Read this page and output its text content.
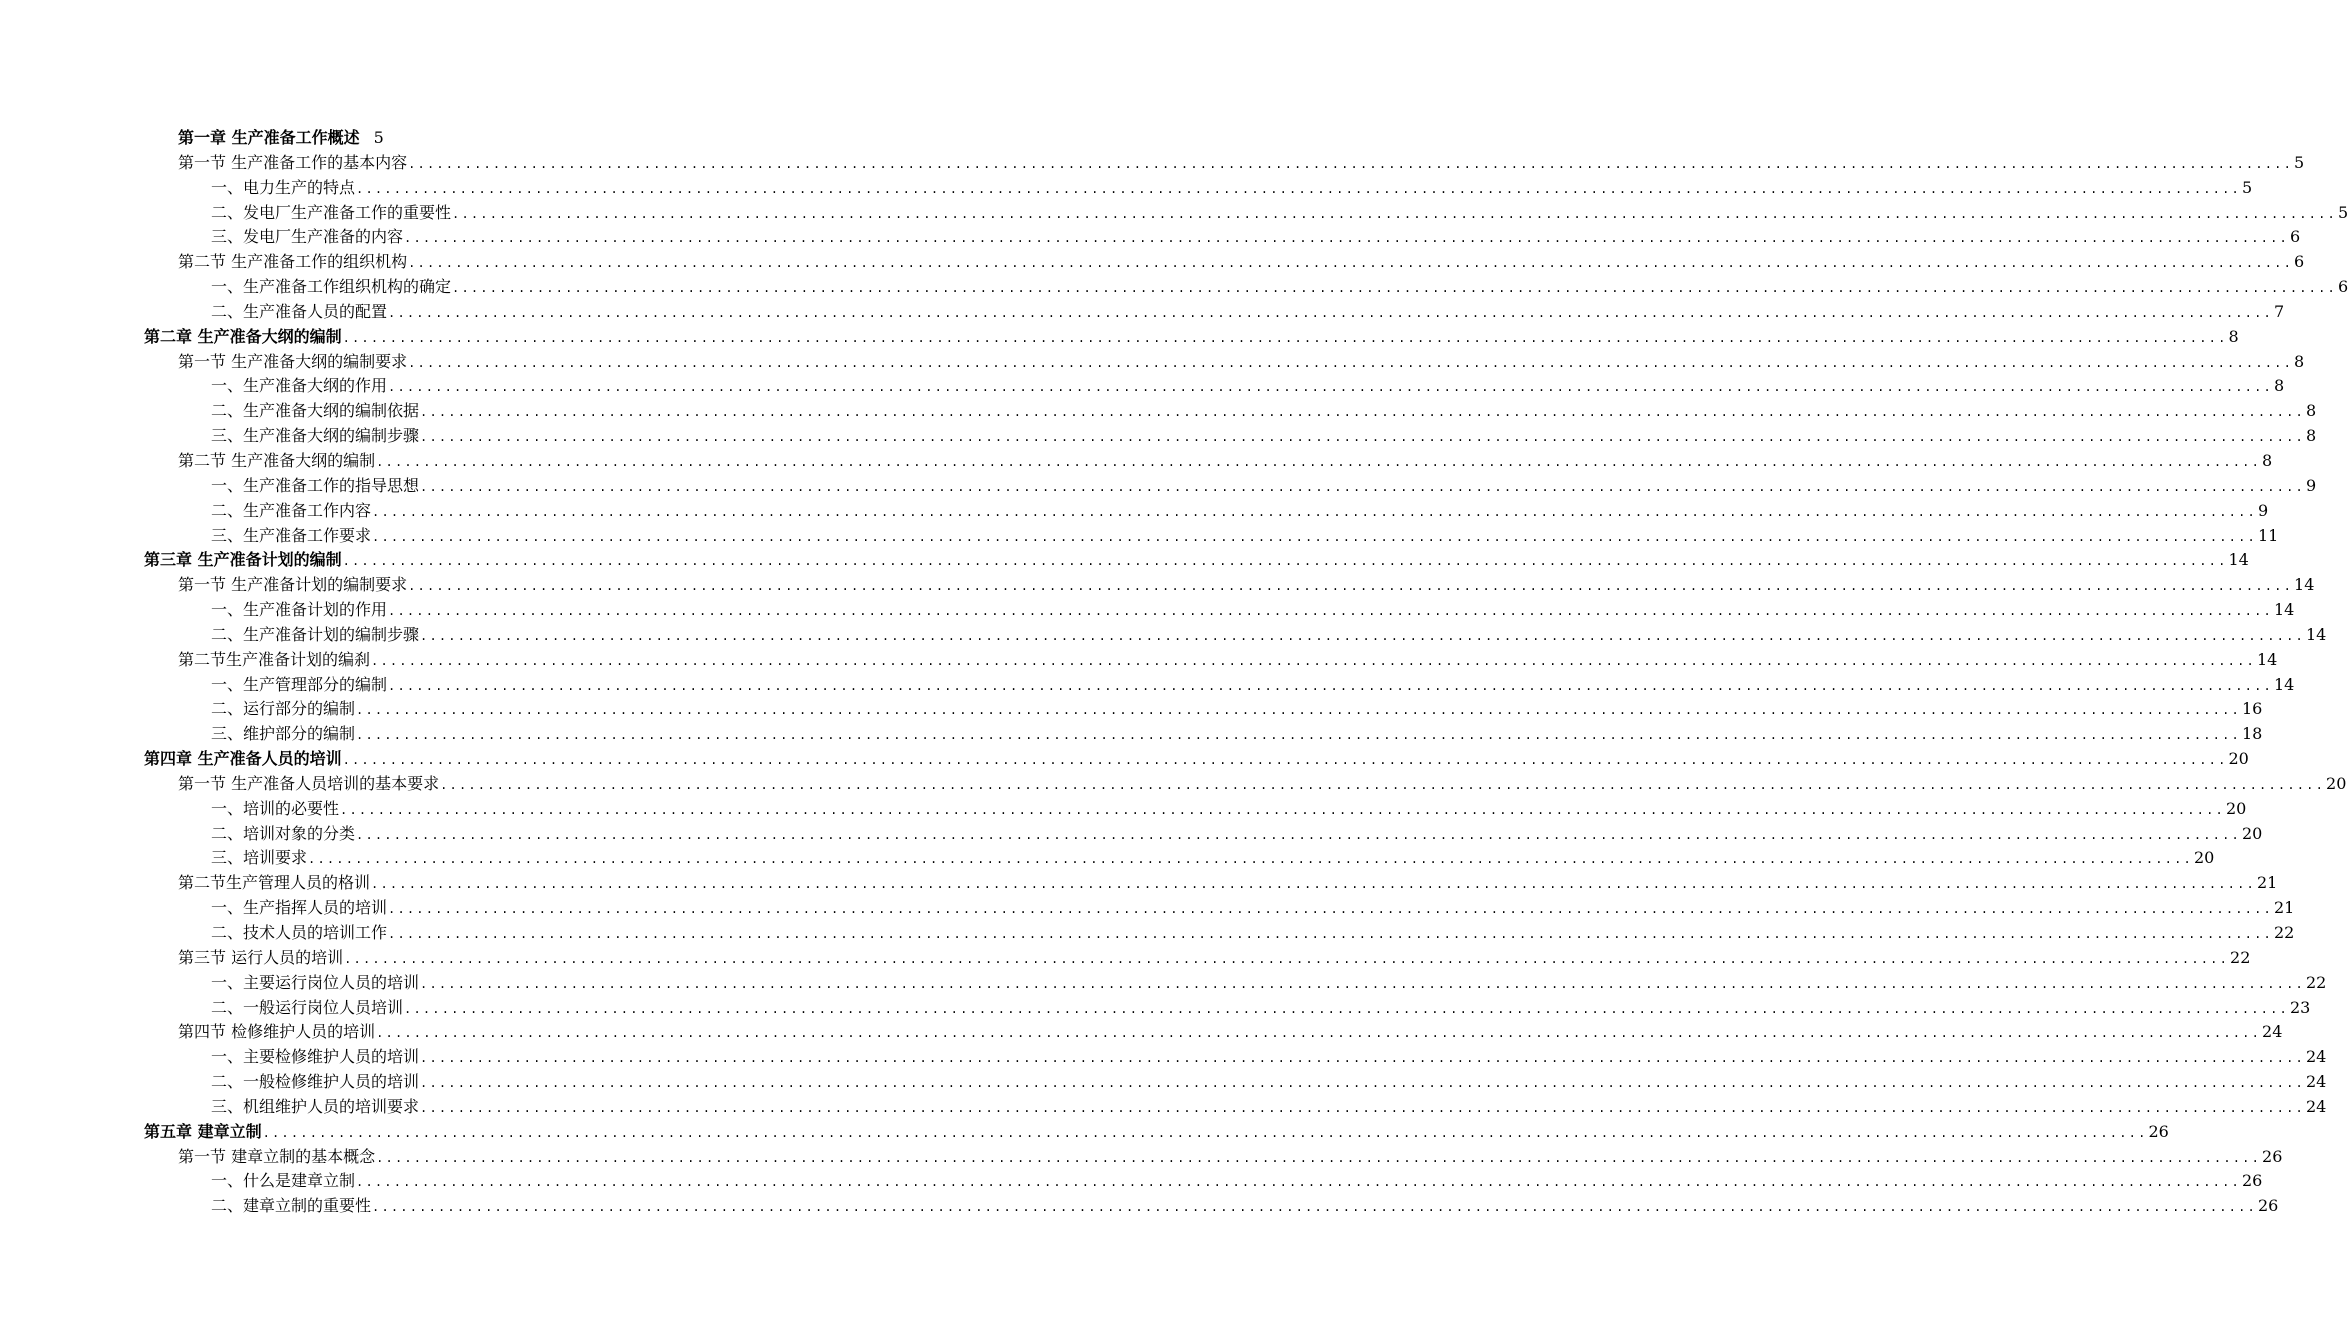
第一章 生产准备工作概述 5
第一节 生产准备工作的基本内容 ........................................................................................................................................................................................................ 5
一、电力生产的特点 ........................................................................................................................................................................................................ 5
二、发电厂生产准备工作的重要性 ........................................................................................................................................................................................................ 5
三、发电厂生产准备的内容 ........................................................................................................................................................................................................ 6
第二节 生产准备工作的组织机构 ........................................................................................................................................................................................................ 6
一、生产准备工作组织机构的确定 ........................................................................................................................................................................................................ 6
二、生产准备人员的配置 ........................................................................................................................................................................................................ 7
第二章 生产准备大纲的编制 ........................................................................................................................................................................................................ 8
第一节 生产准备大纲的编制要求 ........................................................................................................................................................................................................ 8
一、生产准备大纲的作用 ........................................................................................................................................................................................................ 8
二、生产准备大纲的编制依据 ........................................................................................................................................................................................................ 8
三、生产准备大纲的编制步骤 ........................................................................................................................................................................................................ 8
第二节 生产准备大纲的编制 ........................................................................................................................................................................................................ 8
一、生产准备工作的指导思想 ........................................................................................................................................................................................................ 9
二、生产准备工作内容 ........................................................................................................................................................................................................ 9
三、生产准备工作要求 ........................................................................................................................................................................................................ 11
第三章 生产准备计划的编制 ........................................................................................................................................................................................................ 14
第一节 生产准备计划的编制要求 ........................................................................................................................................................................................................ 14
一、生产准备计划的作用 ........................................................................................................................................................................................................ 14
二、生产准备计划的编制步骤 ........................................................................................................................................................................................................ 14
第二节生产准备计划的编刹 ........................................................................................................................................................................................................ 14
一、生产管理部分的编制 ........................................................................................................................................................................................................ 14
二、运行部分的编制 ........................................................................................................................................................................................................ 16
三、维护部分的编制 ........................................................................................................................................................................................................ 18
第四章 生产准备人员的培训 ........................................................................................................................................................................................................ 20
第一节 生产准备人员培训的基本要求 ........................................................................................................................................................................................................ 20
一、培训的必要性 ........................................................................................................................................................................................................ 20
二、培训对象的分类 ........................................................................................................................................................................................................ 20
三、培训要求 ........................................................................................................................................................................................................ 20
第二节生产管理人员的格训 ........................................................................................................................................................................................................ 21
一、生产指挥人员的培训 ........................................................................................................................................................................................................ 21
二、技术人员的培训工作 ........................................................................................................................................................................................................ 22
第三节 运行人员的培训 ........................................................................................................................................................................................................ 22
一、主要运行岗位人员的培训 ........................................................................................................................................................................................................ 22
二、一般运行岗位人员培训 ........................................................................................................................................................................................................ 23
第四节 检修维护人员的培训 ........................................................................................................................................................................................................ 24
一、主要检修维护人员的培训 ........................................................................................................................................................................................................ 24
二、一般检修维护人员的培训 ........................................................................................................................................................................................................ 24
三、机组维护人员的培训要求 ........................................................................................................................................................................................................ 24
第五章 建章立制 ........................................................................................................................................................................................................ 26
第一节 建章立制的基本概念 ........................................................................................................................................................................................................ 26
一、什么是建章立制 ........................................................................................................................................................................................................ 26
二、建章立制的重要性 ........................................................................................................................................................................................................ 26
